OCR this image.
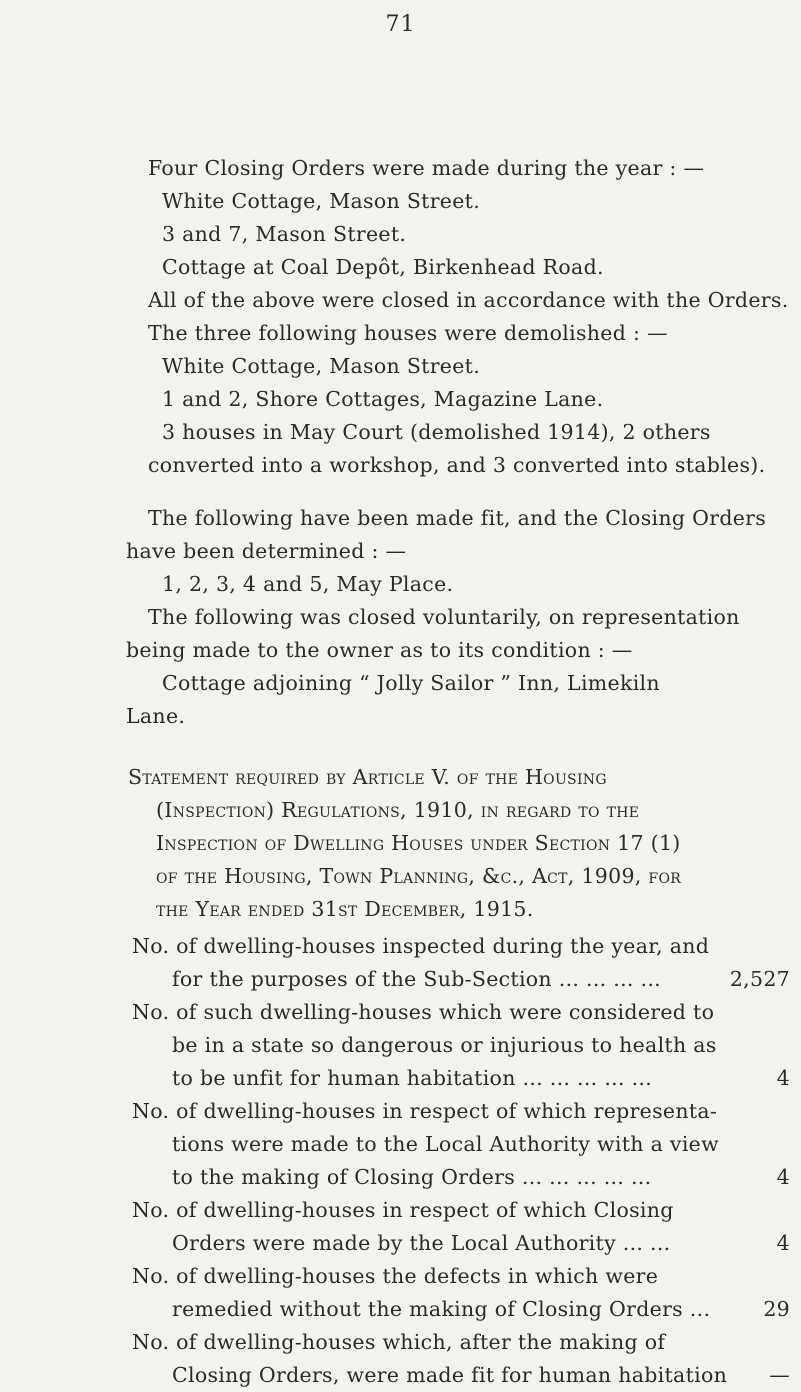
71
Four Closing Orders were made during the year : —
White Cottage, Mason Street.
3 and 7, Mason Street.
Cottage at Coal Depôt, Birkenhead Road.
All of the above were closed in accordance with the Orders.
The three following houses were demolished : —
White Cottage, Mason Street.
1 and 2, Shore Cottages, Magazine Lane.
3 houses in May Court (demolished 1914), 2 others
converted into a workshop, and 3 converted into stables).
The following have been made fit, and the Closing Orders
have been determined : —
1, 2, 3, 4 and 5, May Place.
The following was closed voluntarily, on representation
being made to the owner as to its condition : —
Cottage adjoining “ Jolly Sailor ” Inn, Limekiln
Lane.
Statement required by Article V. of the Housing
(Inspection) Regulations, 1910, in regard to the
Inspection of Dwelling Houses under Section 17 (1)
of the Housing, Town Planning, &c., Act, 1909, for
the Year ended 31st December, 1915.
No. of dwelling-houses inspected during the year, and
for the purposes of the Sub-Section ... ... ... ...	2,527
No. of such dwelling-houses which were considered to
be in a state so dangerous or injurious to health as
to be unfit for human habitation ... ... ... ... ...	4
No. of dwelling-houses in respect of which representa-
tions were made to the Local Authority with a view
to the making of Closing Orders ... ... ... ... ...	4
No. of dwelling-houses in respect of which Closing
Orders were made by the Local Authority ... ...	4
No. of dwelling-houses the defects in which were
remedied without the making of Closing Orders ...	29
No. of dwelling-houses which, after the making of
Closing Orders, were made fit for human habitation	—
